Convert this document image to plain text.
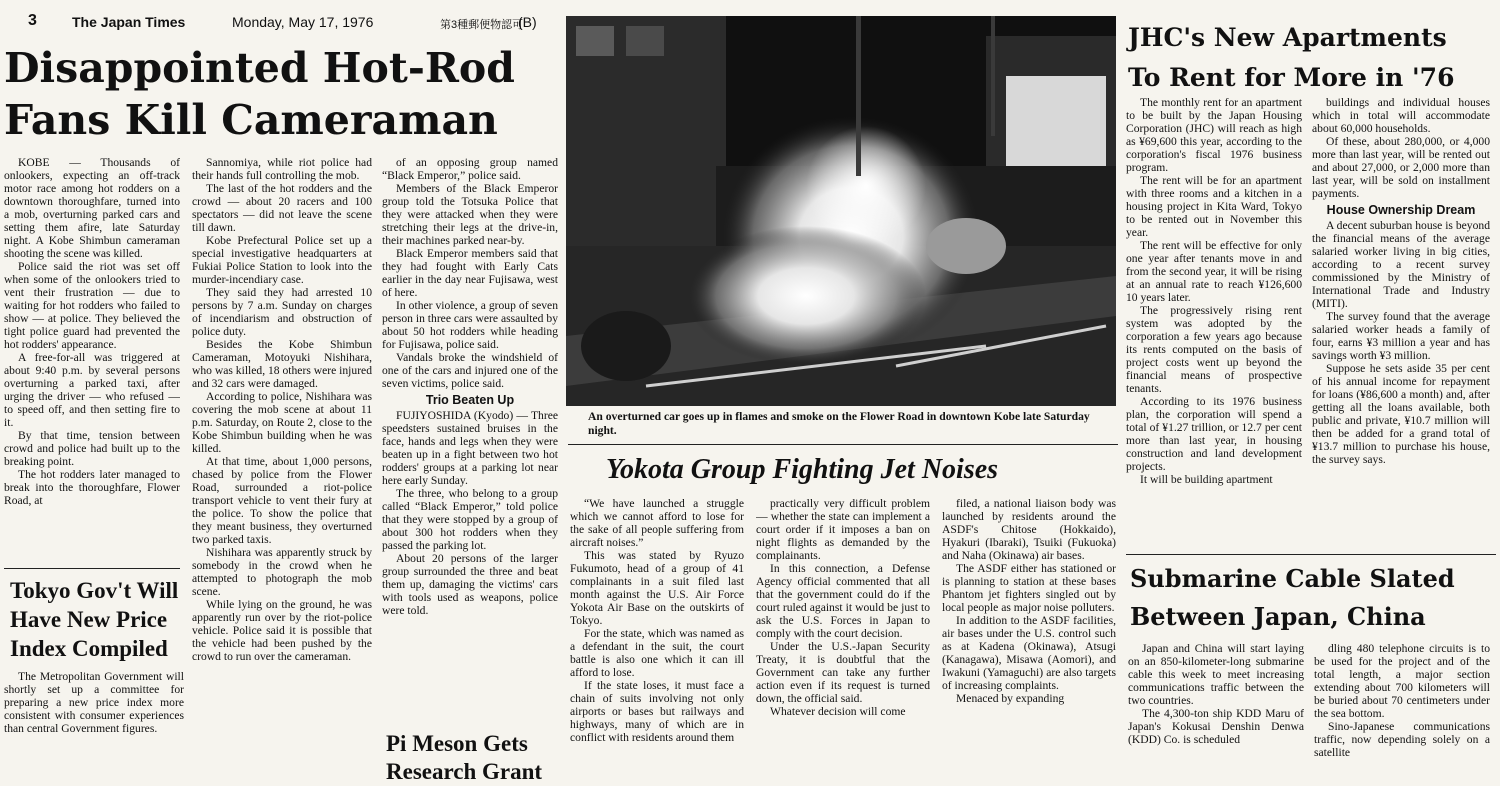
3	The Japan Times	Monday, May 17, 1976	第3種郵便物認可
(B)
Disappointed Hot-Rod
Fans Kill Cameraman

KOBE — Thousands of onlookers, expecting an off-track motor race among hot rodders on a downtown thoroughfare, turned into a mob, overturning parked cars and setting them afire, late Saturday night. A Kobe Shimbun cameraman shooting the scene was killed.

Police said the riot was set off when some of the onlookers tried to vent their frustration — due to waiting for hot rodders who failed to show — at police. They believed the tight police guard had prevented the hot rodders' appearance.

A free-for-all was triggered at about 9:40 p.m. by several persons overturning a parked taxi, after urging the driver — who refused — to speed off, and then setting fire to it.

By that time, tension between crowd and police had built up to the breaking point.

The hot rodders later managed to break into the thoroughfare, Flower Road, at

Sannomiya, while riot police had their hands full controlling the mob.

The last of the hot rodders and the crowd — about 20 racers and 100 spectators — did not leave the scene till dawn.

Kobe Prefectural Police set up a special investigative headquarters at Fukiai Police Station to look into the murder-incendiary case.

They said they had arrested 10 persons by 7 a.m. Sunday on charges of incendiarism and obstruction of police duty.

Besides the Kobe Shimbun Cameraman, Motoyuki Nishihara, who was killed, 18 others were injured and 32 cars were damaged.

According to police, Nishihara was covering the mob scene at about 11 p.m. Saturday, on Route 2, close to the Kobe Shimbun building when he was killed.

At that time, about 1,000 persons, chased by police from the Flower Road, surrounded a riot-police transport vehicle to vent their fury at the police. To show the police that they meant business, they overturned two parked taxis.

Nishihara was apparently struck by somebody in the crowd when he attempted to photograph the mob scene.

While lying on the ground, he was apparently run over by the riot-police vehicle. Police said it is possible that the vehicle had been pushed by the crowd to run over the cameraman.

of an opposing group named “Black Emperor,” police said.

Members of the Black Emperor group told the Totsuka Police that they were attacked when they were stretching their legs at the drive-in, their machines parked near-by.

Black Emperor members said that they had fought with Early Cats earlier in the day near Fujisawa, west of here.

In other violence, a group of seven person in three cars were assaulted by about 50 hot rodders while heading for Fujisawa, police said.

Vandals broke the windshield of one of the cars and injured one of the seven victims, police said.

Trio Beaten Up

FUJIYOSHIDA (Kyodo) — Three speedsters sustained bruises in the face, hands and legs when they were beaten up in a fight between two hot rodders' groups at a parking lot near here early Sunday.

The three, who belong to a group called “Black Emperor,” told police that they were stopped by a group of about 300 hot rodders when they passed the parking lot.

About 20 persons of the larger group surrounded the three and beat them up, damaging the victims' cars with tools used as weapons, police were told.

Tokyo Gov't Will
Have New Price
Index Compiled

The Metropolitan Government will shortly set up a committee for preparing a new price index more consistent with consumer experiences than central Government figures.

Pi Meson Gets
Research Grant
An overturned car goes up in flames and smoke on the Flower Road in downtown Kobe late Saturday night.
Yokota Group Fighting Jet Noises

“We have launched a struggle which we cannot afford to lose for the sake of all people suffering from aircraft noises.”

This was stated by Ryuzo Fukumoto, head of a group of 41 complainants in a suit filed last month against the U.S. Air Force Yokota Air Base on the outskirts of Tokyo.

For the state, which was named as a defendant in the suit, the court battle is also one which it can ill afford to lose.

If the state loses, it must face a chain of suits involving not only airports or bases but railways and highways, many of which are in conflict with residents around them

practically very difficult problem — whether the state can implement a court order if it imposes a ban on night flights as demanded by the complainants.

In this connection, a Defense Agency official commented that all that the government could do if the court ruled against it would be just to ask the U.S. Forces in Japan to comply with the court decision.

Under the U.S.-Japan Security Treaty, it is doubtful that the Government can take any further action even if its request is turned down, the official said.

Whatever decision will come

filed, a national liaison body was launched by residents around the ASDF's Chitose (Hokkaido), Hyakuri (Ibaraki), Tsuiki (Fukuoka) and Naha (Okinawa) air bases.

The ASDF either has stationed or is planning to station at these bases Phantom jet fighters singled out by local people as major noise polluters.

In addition to the ASDF facilities, air bases under the U.S. control such as at Kadena (Okinawa), Atsugi (Kanagawa), Misawa (Aomori), and Iwakuni (Yamaguchi) are also targets of increasing complaints.

Menaced by expanding

JHC's New Apartments
To Rent for More in '76

The monthly rent for an apartment to be built by the Japan Housing Corporation (JHC) will reach as high as ¥69,600 this year, according to the corporation's fiscal 1976 business program.

The rent will be for an apartment with three rooms and a kitchen in a housing project in Kita Ward, Tokyo to be rented out in November this year.

The rent will be effective for only one year after tenants move in and from the second year, it will be rising at an annual rate to reach ¥126,600 10 years later.

The progressively rising rent system was adopted by the corporation a few years ago because its rents computed on the basis of project costs went up beyond the financial means of prospective tenants.

According to its 1976 business plan, the corporation will spend a total of ¥1.27 trillion, or 12.7 per cent more than last year, in housing construction and land development projects.

It will be building apartment

buildings and individual houses which in total will accommodate about 60,000 households.

Of these, about 280,000, or 4,000 more than last year, will be rented out and about 27,000, or 2,000 more than last year, will be sold on installment payments.

House Ownership Dream

A decent suburban house is beyond the financial means of the average salaried worker living in big cities, according to a recent survey commissioned by the Ministry of International Trade and Industry (MITI).

The survey found that the average salaried worker heads a family of four, earns ¥3 million a year and has savings worth ¥3 million.

Suppose he sets aside 35 per cent of his annual income for repayment for loans (¥86,600 a month) and, after getting all the loans available, both public and private, ¥10.7 million will then be added for a grand total of ¥13.7 million to purchase his house, the survey says.

Submarine Cable Slated
Between Japan, China

Japan and China will start laying on an 850-kilometer-long submarine cable this week to meet increasing communications traffic between the two countries.

The 4,300-ton ship KDD Maru of Japan's Kokusai Denshin Denwa (KDD) Co. is scheduled

dling 480 telephone circuits is to be used for the project and of the total length, a major section extending about 700 kilometers will be buried about 70 centimeters under the sea bottom.

Sino-Japanese communications traffic, now depending solely on a satellite
